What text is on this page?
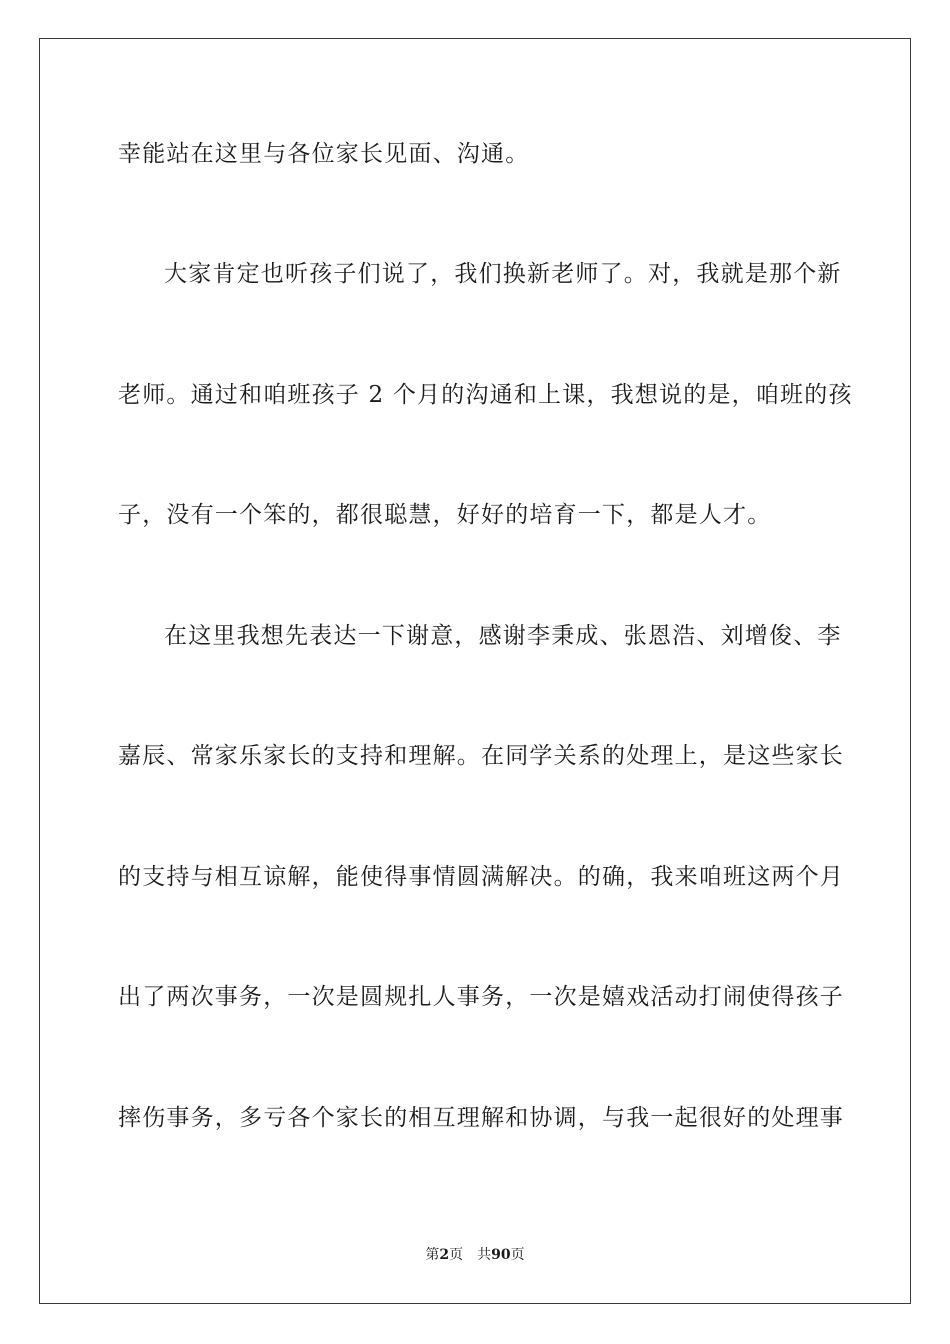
幸能站在这里与各位家长见面、沟通。
大家肯定也听孩子们说了，我们换新老师了。对，我就是那个新
老师。通过和咱班孩子 2 个月的沟通和上课，我想说的是，咱班的孩
子，没有一个笨的，都很聪慧，好好的培育一下，都是人才。
在这里我想先表达一下谢意，感谢李秉成、张恩浩、刘增俊、李
嘉辰、常家乐家长的支持和理解。在同学关系的处理上，是这些家长
的支持与相互谅解，能使得事情圆满解决。的确，我来咱班这两个月
出了两次事务，一次是圆规扎人事务，一次是嬉戏活动打闹使得孩子
摔伤事务，多亏各个家长的相互理解和协调，与我一起很好的处理事
第2页 共90页
